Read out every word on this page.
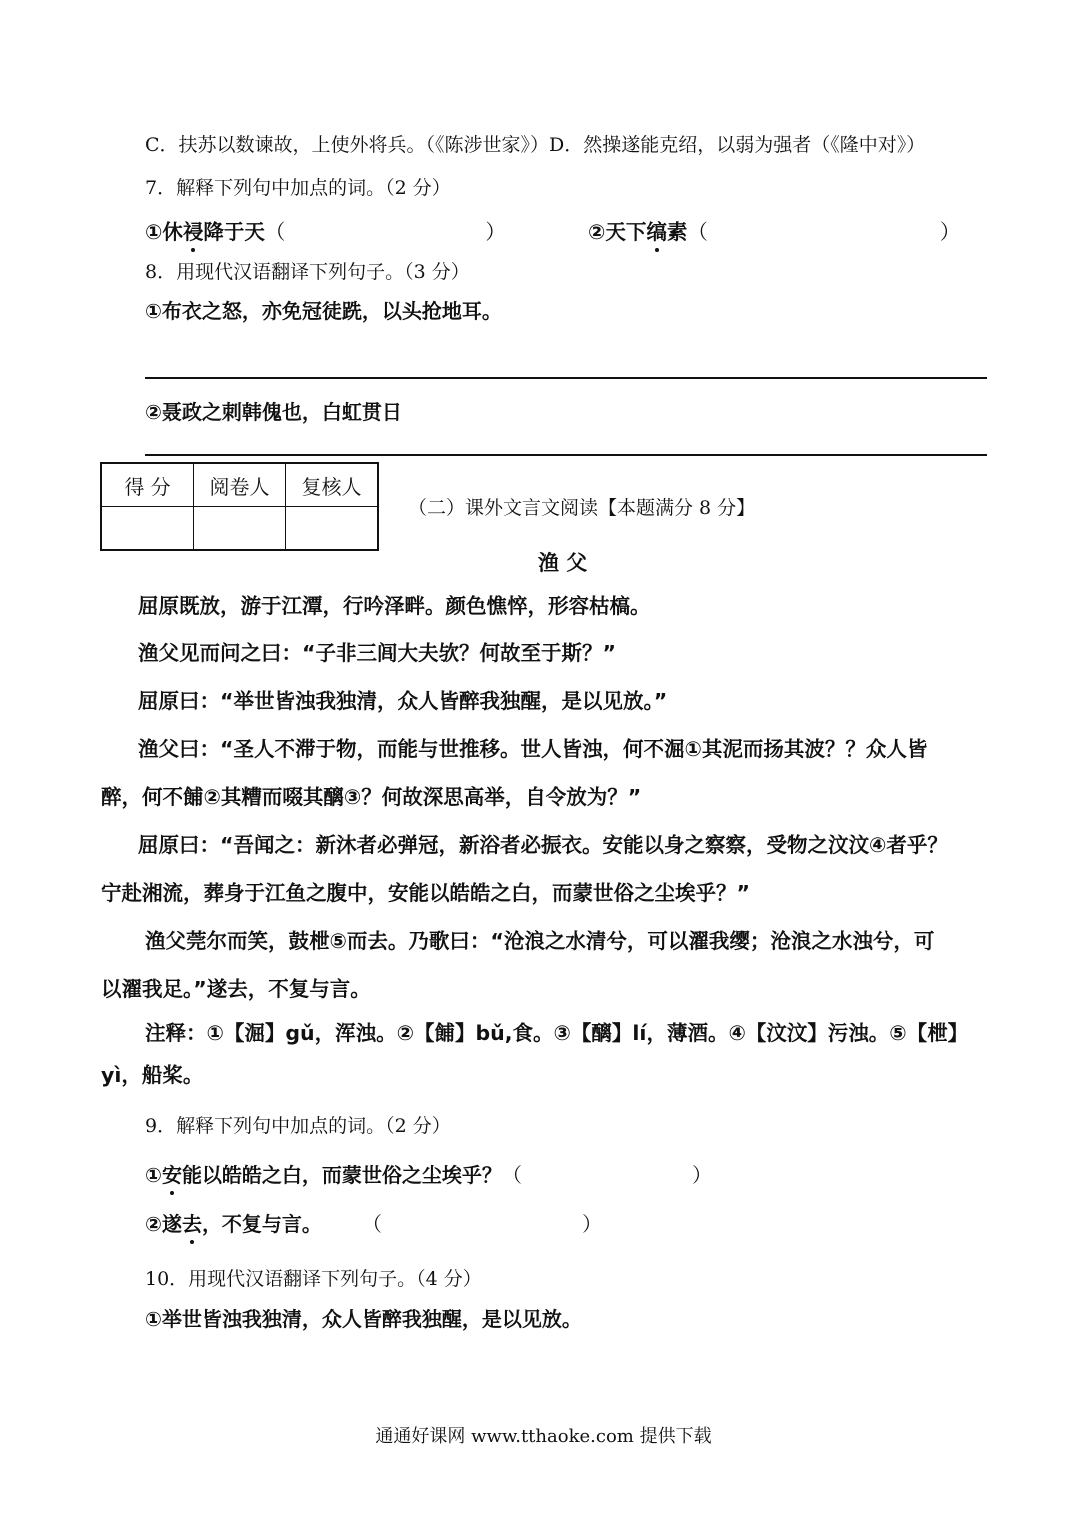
C．扶苏以数谏故，上使外将兵。（《陈涉世家》）D．然操遂能克绍，以弱为强者（《隆中对》）
7．解释下列句中加点的词。（2 分）
①休祲降于天（	）	②天下缟素（	）
8．用现代汉语翻译下列句子。（3 分）
①布衣之怒，亦免冠徒跣，以头抢地耳。
②聂政之刺韩傀也，白虹贯日
得 分	阅卷人	复核人

（二）课外文言文阅读【本题满分 8 分】
渔 父
屈原既放，游于江潭，行吟泽畔。颜色憔悴，形容枯槁。
渔父见而问之曰：“子非三闾大夫欤？何故至于斯？”
屈原曰：“举世皆浊我独清，众人皆醉我独醒，是以见放。”
渔父曰：“圣人不滞于物，而能与世推移。世人皆浊，何不淈①其泥而扬其波？？众人皆
醉，何不餔②其糟而啜其醨③？何故深思高举，自令放为？”
屈原曰：“吾闻之：新沐者必弹冠，新浴者必振衣。安能以身之察察，受物之汶汶④者乎？
宁赴湘流，葬身于江鱼之腹中，安能以皓皓之白，而蒙世俗之尘埃乎？”
渔父莞尔而笑，鼓枻⑤而去。乃歌曰：“沧浪之水清兮，可以濯我缨；沧浪之水浊兮，可
以濯我足。”遂去，不复与言。
注释：①【淈】gǔ，浑浊。②【餔】bǔ,食。③【醨】lí，薄酒。④【汶汶】污浊。⑤【枻】
yì，船桨。
9．解释下列句中加点的词。（2 分）
①安能以皓皓之白，而蒙世俗之尘埃乎？（	）
②遂去，不复与言。 （	）
10．用现代汉语翻译下列句子。（4 分）
①举世皆浊我独清，众人皆醉我独醒，是以见放。
通通好课网 www.tthaoke.com 提供下载
